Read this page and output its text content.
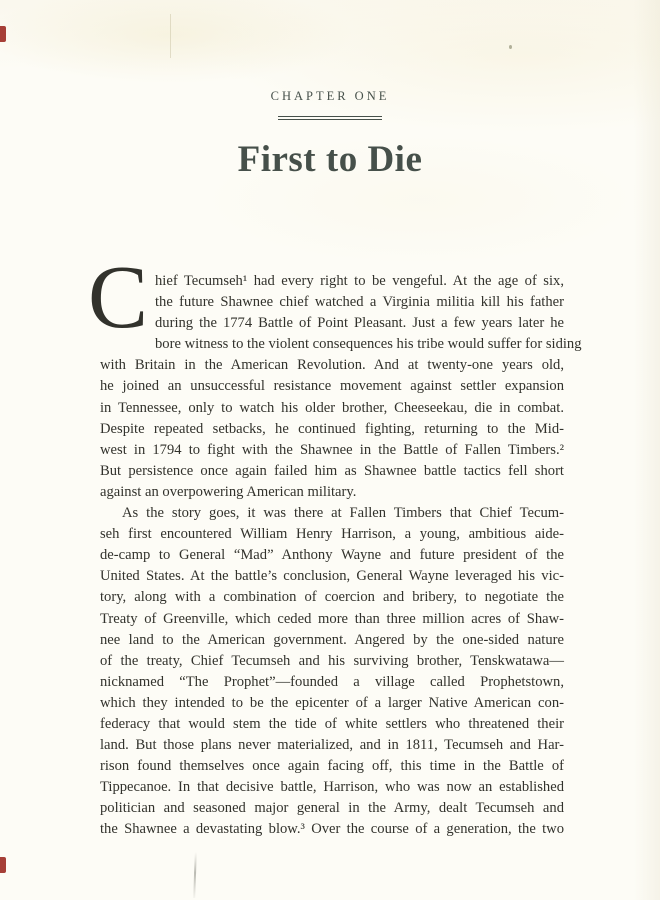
CHAPTER ONE
First to Die
C hief Tecumseh¹ had every right to be vengeful. At the age of six,
the future Shawnee chief watched a Virginia militia kill his father
during the 1774 Battle of Point Pleasant. Just a few years later he
bore witness to the violent consequences his tribe would suffer for siding
with Britain in the American Revolution. And at twenty-one years old,
he joined an unsuccessful resistance movement against settler expansion
in Tennessee, only to watch his older brother, Cheeseekau, die in combat.
Despite repeated setbacks, he continued fighting, returning to the Mid-
west in 1794 to fight with the Shawnee in the Battle of Fallen Timbers.²
But persistence once again failed him as Shawnee battle tactics fell short
against an overpowering American military.
As the story goes, it was there at Fallen Timbers that Chief Tecum-
seh first encountered William Henry Harrison, a young, ambitious aide-
de-camp to General “Mad” Anthony Wayne and future president of the
United States. At the battle’s conclusion, General Wayne leveraged his vic-
tory, along with a combination of coercion and bribery, to negotiate the
Treaty of Greenville, which ceded more than three million acres of Shaw-
nee land to the American government. Angered by the one-sided nature
of the treaty, Chief Tecumseh and his surviving brother, Tenskwatawa—
nicknamed “The Prophet”—founded a village called Prophetstown,
which they intended to be the epicenter of a larger Native American con-
federacy that would stem the tide of white settlers who threatened their
land. But those plans never materialized, and in 1811, Tecumseh and Har-
rison found themselves once again facing off, this time in the Battle of
Tippecanoe. In that decisive battle, Harrison, who was now an established
politician and seasoned major general in the Army, dealt Tecumseh and
the Shawnee a devastating blow.³ Over the course of a generation, the two
